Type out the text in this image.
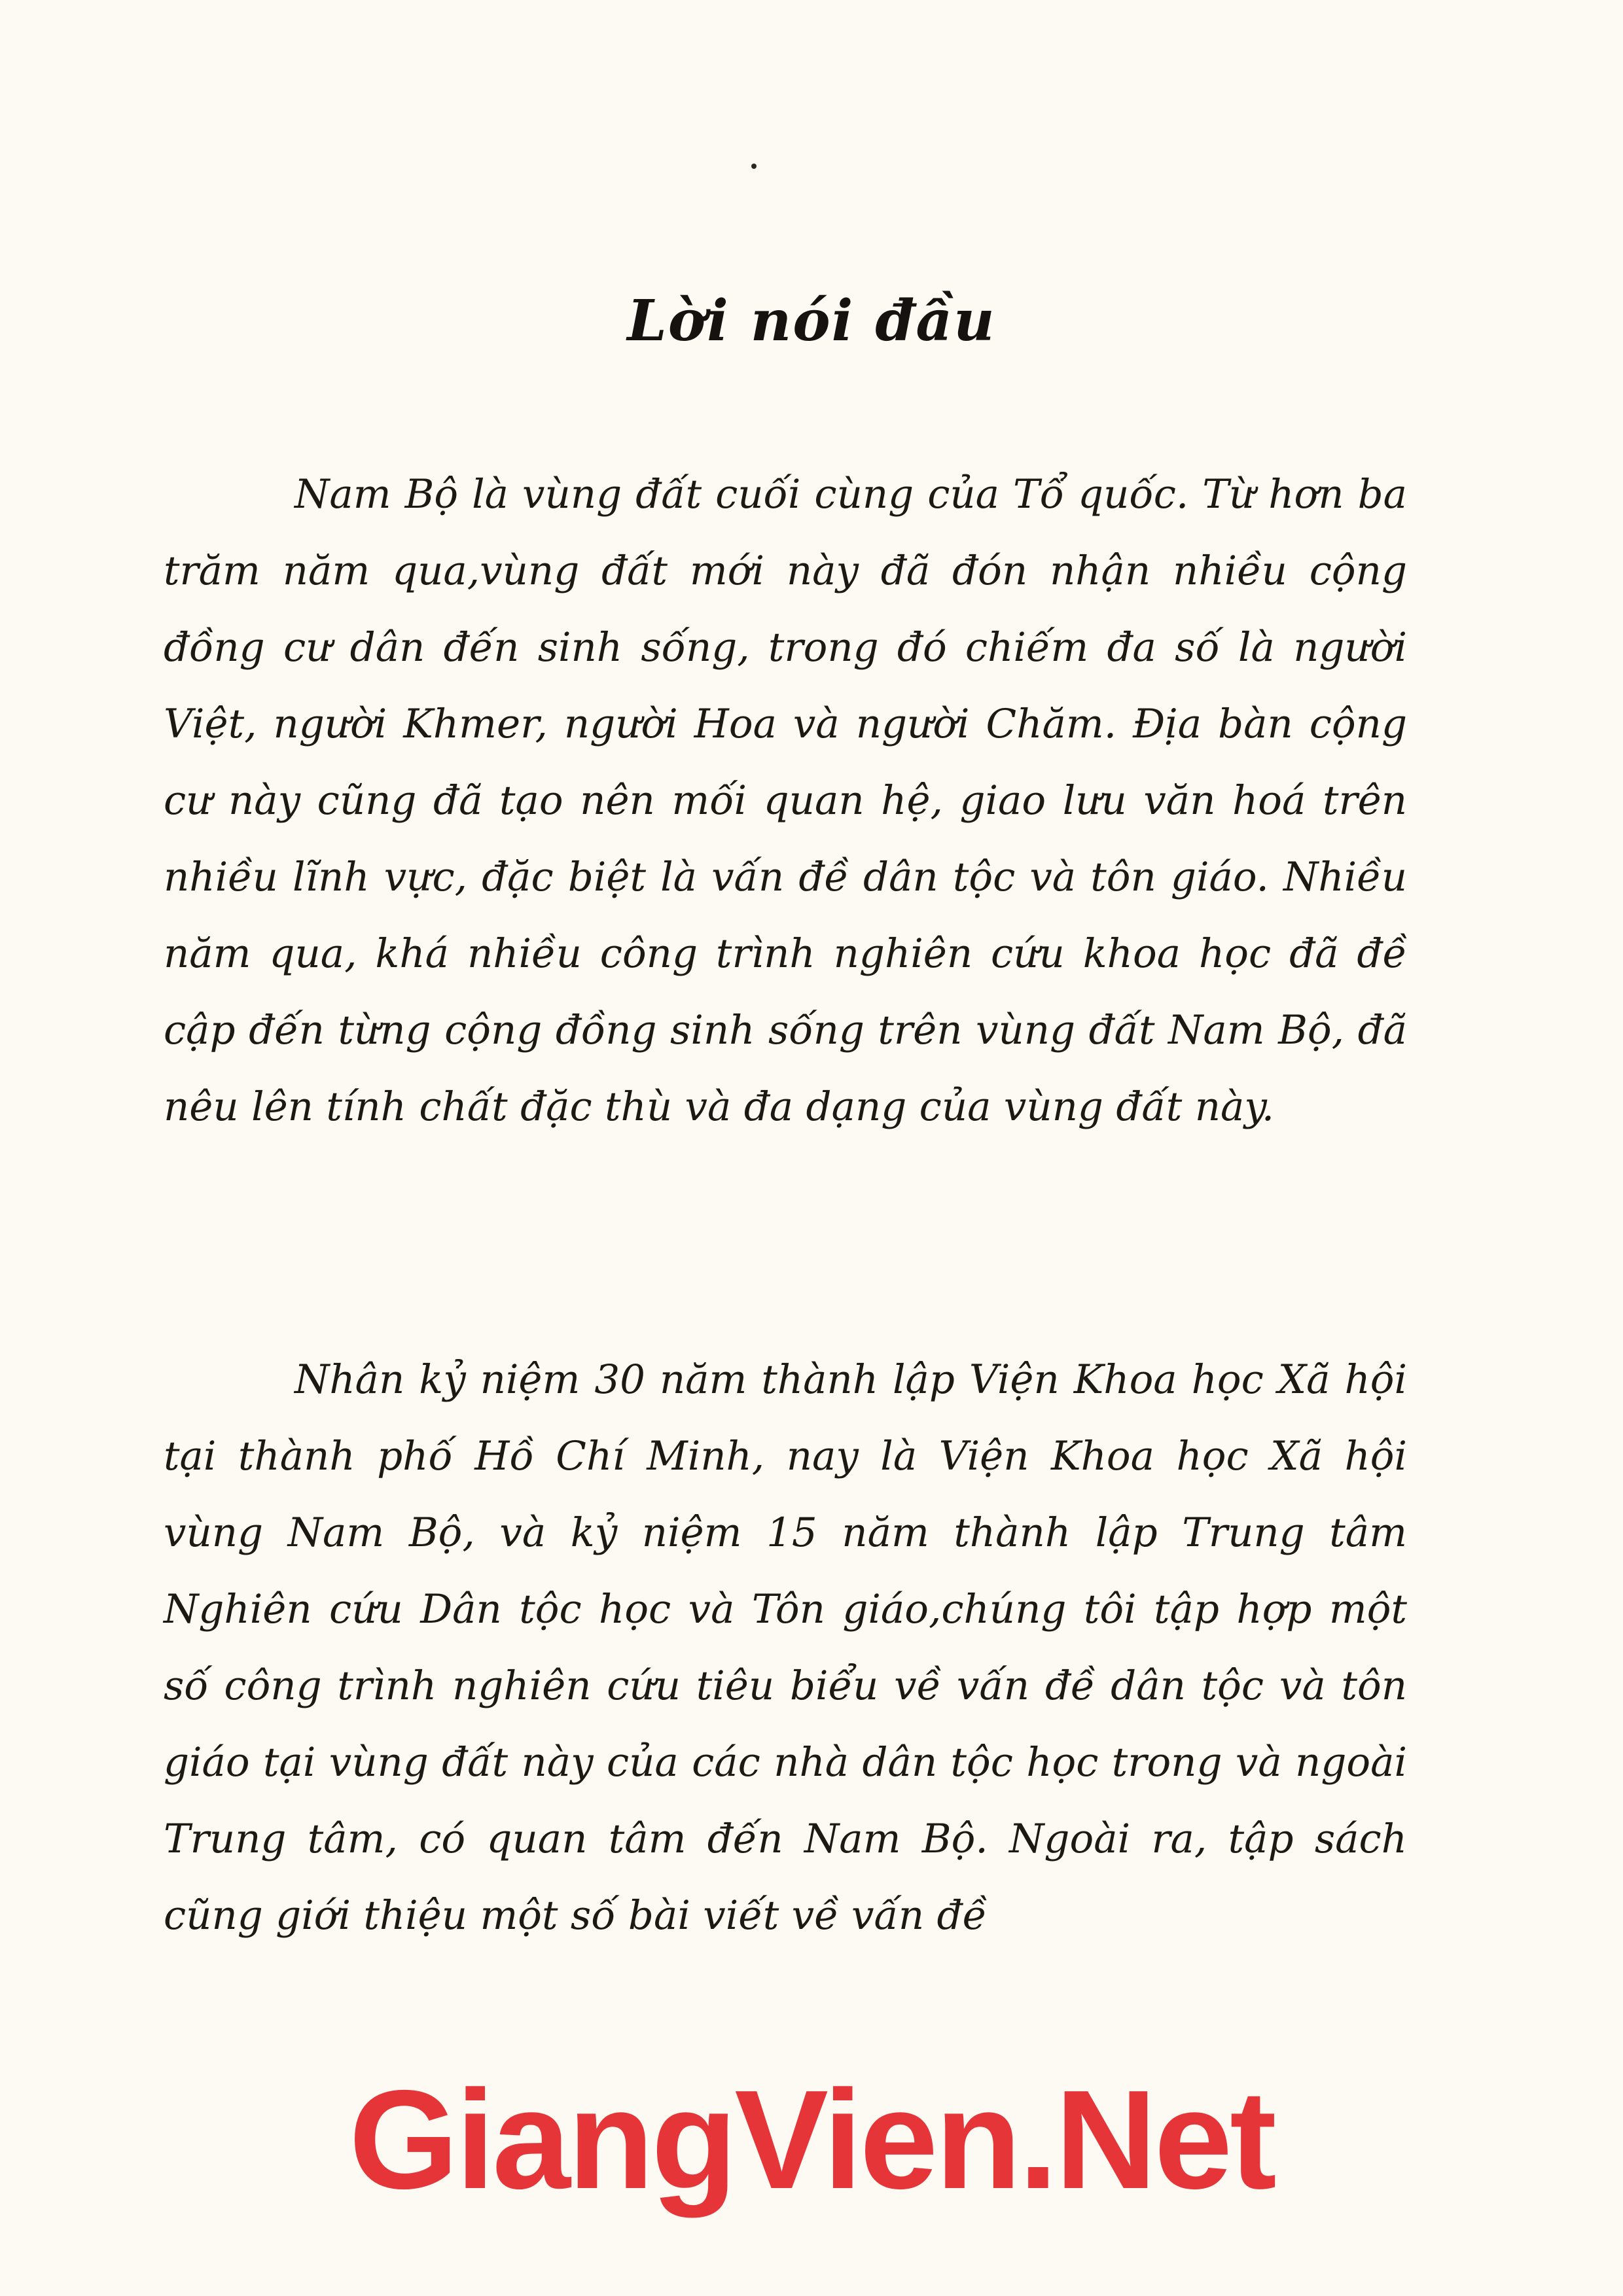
Lời nói đầu

Nam Bộ là vùng đất cuối cùng của Tổ quốc. Từ hơn ba trăm năm qua,vùng đất mới này đã đón nhận nhiều cộng đồng cư dân đến sinh sống, trong đó chiếm đa số là người Việt, người Khmer, người Hoa và người Chăm. Địa bàn cộng cư này cũng đã tạo nên mối quan hệ, giao lưu văn hoá trên nhiều lĩnh vực, đặc biệt là vấn đề dân tộc và tôn giáo. Nhiều năm qua, khá nhiều công trình nghiên cứu khoa học đã đề cập đến từng cộng đồng sinh sống trên vùng đất Nam Bộ, đã nêu lên tính chất đặc thù và đa dạng của vùng đất này.

Nhân kỷ niệm 30 năm thành lập Viện Khoa học Xã hội tại thành phố Hồ Chí Minh, nay là Viện Khoa học Xã hội vùng Nam Bộ, và kỷ niệm 15 năm thành lập Trung tâm Nghiên cứu Dân tộc học và Tôn giáo,chúng tôi tập hợp một số công trình nghiên cứu tiêu biểu về vấn đề dân tộc và tôn giáo tại vùng đất này của các nhà dân tộc học trong và ngoài Trung tâm, có quan tâm đến Nam Bộ. Ngoài ra, tập sách cũng giới thiệu một số bài viết về vấn đề

GiangVien.Net
